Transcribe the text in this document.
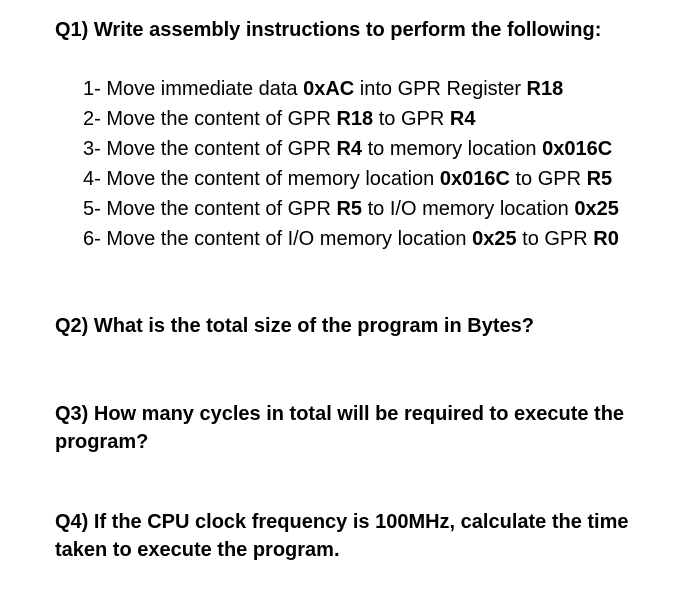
Q1) Write assembly instructions to perform the following:

1- Move immediate data 0xAC into GPR Register R18
2- Move the content of GPR R18 to GPR R4
3- Move the content of GPR R4 to memory location 0x016C
4- Move the content of memory location 0x016C to GPR R5
5- Move the content of GPR R5 to I/O memory location 0x25
6- Move the content of I/O memory location 0x25 to GPR R0

Q2) What is the total size of the program in Bytes?

Q3) How many cycles in total will be required to execute the program?

Q4) If the CPU clock frequency is 100MHz, calculate the time taken to execute the program.
